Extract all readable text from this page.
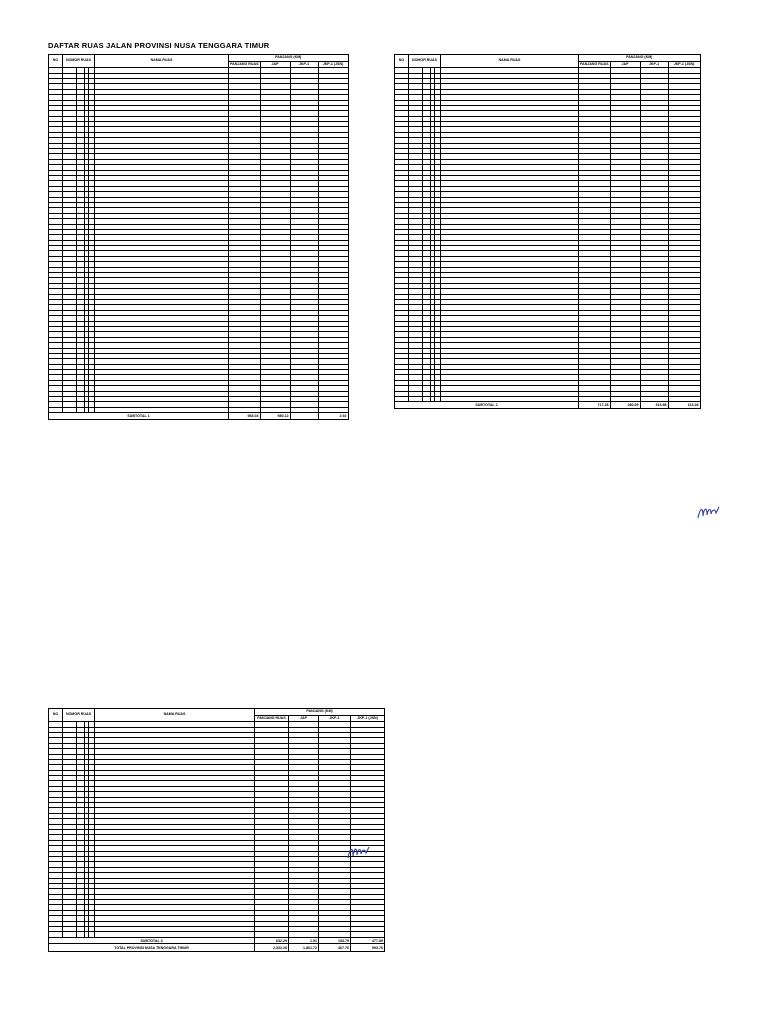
DAFTAR RUAS JALAN PROVINSI NUSA TENGGARA TIMUR
NO	NOMOR RUAS				NAMA RUAS	PANJANG (KM)			
						PANJANG RUAS	JAP	JKP-1	JKP-1 (JSN)

SUBTOTAL 1						983.04	980.12		2.92
NO	NOMOR RUAS				NAMA RUAS	PANJANG (KM)			
						PANJANG RUAS	JAP	JKP-1	JKP-1 (JSN)

SUBTOTAL 2						717.28	280.09	313.98	113.28
NO	NOMOR RUAS				NAMA RUAS	PANJANG (KM)			
						PANJANG RUAS	JAP	JKP-1	JKP-1 (JSN)

SUBTOTAL 3						632.29	1.51	153.79	477.89
TOTAL PROVINSI NUSA TENGGARA TIMUR						2,332.28	1,861.72	467.76	593.76
